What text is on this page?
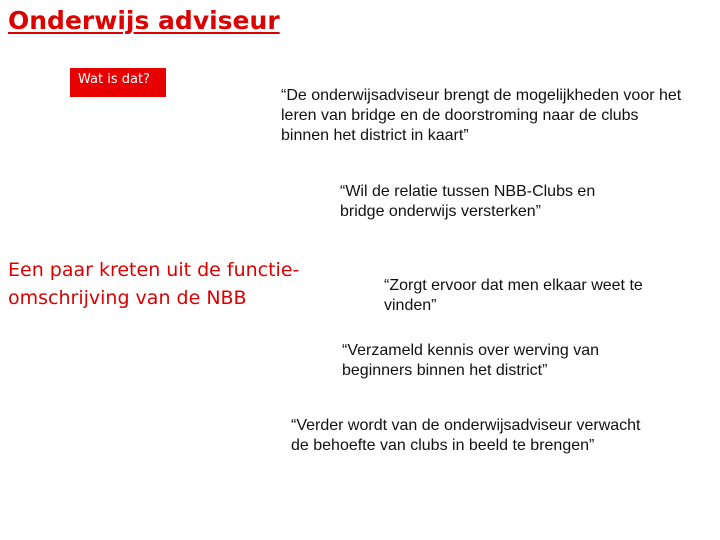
Onderwijs adviseur
Wat is dat?
“De onderwijsadviseur brengt de mogelijkheden voor het leren van bridge en de doorstroming naar de clubs binnen het district in kaart”
“Wil de relatie tussen NBB-Clubs en bridge onderwijs versterken”
Een paar kreten uit de functie-omschrijving van de NBB
“Zorgt ervoor dat men elkaar weet te vinden”
“Verzameld kennis over werving van beginners binnen het district”
“Verder wordt van de onderwijsadviseur verwacht de behoefte van clubs in beeld te brengen”
